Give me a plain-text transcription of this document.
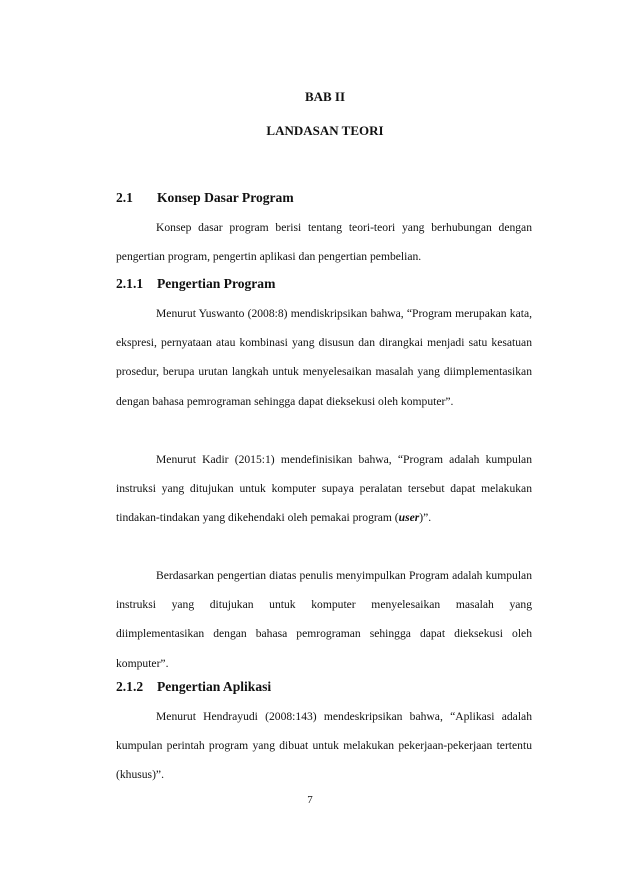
BAB II
LANDASAN TEORI
2.1 Konsep Dasar Program

Konsep dasar program berisi tentang teori-teori yang berhubungan dengan pengertian program, pengertin aplikasi dan pengertian pembelian.

2.1.1 Pengertian Program

Menurut Yuswanto (2008:8) mendiskripsikan bahwa, “Program merupakan kata, ekspresi, pernyataan atau kombinasi yang disusun dan dirangkai menjadi satu kesatuan prosedur, berupa urutan langkah untuk menyelesaikan masalah yang diimplementasikan dengan bahasa pemrograman sehingga dapat dieksekusi oleh komputer”.

Menurut Kadir (2015:1) mendefinisikan bahwa, “Program adalah kumpulan instruksi yang ditujukan untuk komputer supaya peralatan tersebut dapat melakukan tindakan-tindakan yang dikehendaki oleh pemakai program (user)”.

Berdasarkan pengertian diatas penulis menyimpulkan Program adalah kumpulan instruksi yang ditujukan untuk komputer menyelesaikan masalah yang diimplementasikan dengan bahasa pemrograman sehingga dapat dieksekusi oleh komputer”.

2.1.2 Pengertian Aplikasi

Menurut Hendrayudi (2008:143) mendeskripsikan bahwa, “Aplikasi adalah kumpulan perintah program yang dibuat untuk melakukan pekerjaan-pekerjaan tertentu (khusus)”.

7
